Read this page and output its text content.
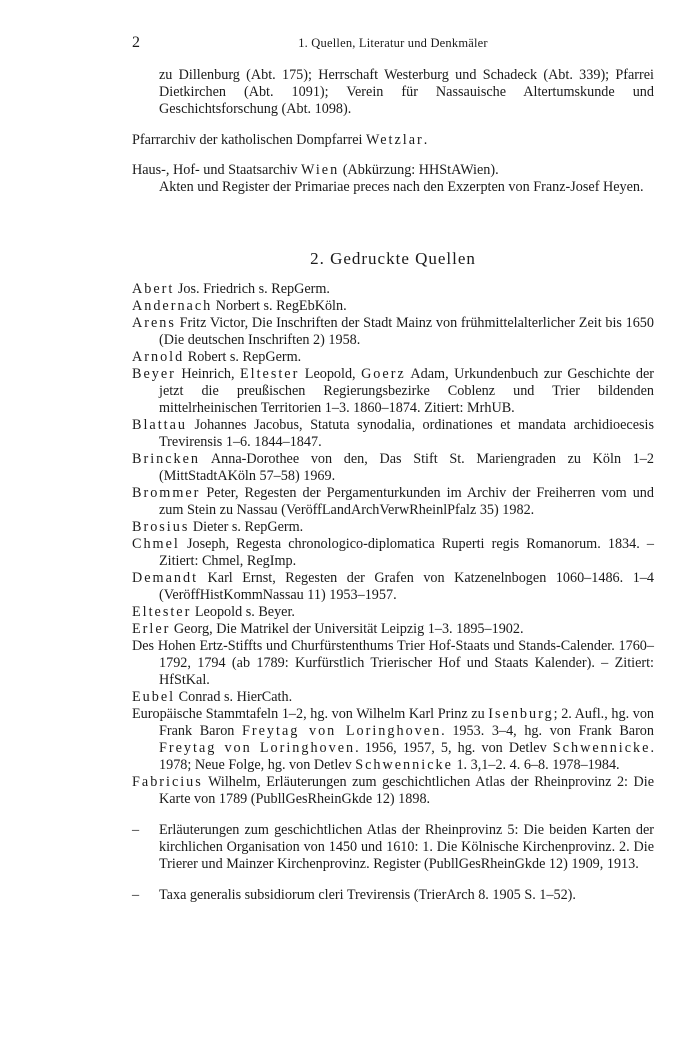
2	1. Quellen, Literatur und Denkmäler

zu Dillenburg (Abt. 175); Herrschaft Westerburg und Schadeck (Abt. 339); Pfarrei Dietkirchen (Abt. 1091); Verein für Nassauische Altertumskunde und Geschichtsforschung (Abt. 1098).

Pfarrarchiv der katholischen Dompfarrei Wetzlar.

Haus-, Hof- und Staatsarchiv Wien (Abkürzung: HHStAWien).

Akten und Register der Primariae preces nach den Exzerpten von Franz-Josef Heyen.

2. Gedruckte Quellen

Abert Jos. Friedrich s. RepGerm.

Andernach Norbert s. RegEbKöln.

Arens Fritz Victor, Die Inschriften der Stadt Mainz von frühmittelalterlicher Zeit bis 1650 (Die deutschen Inschriften 2) 1958.

Arnold Robert s. RepGerm.

Beyer Heinrich, Eltester Leopold, Goerz Adam, Urkundenbuch zur Geschichte der jetzt die preußischen Regierungsbezirke Coblenz und Trier bildenden mittelrheinischen Territorien 1–3. 1860–1874. Zitiert: MrhUB.

Blattau Johannes Jacobus, Statuta synodalia, ordinationes et mandata archidioecesis Trevirensis 1–6. 1844–1847.

Brincken Anna-Dorothee von den, Das Stift St. Mariengraden zu Köln 1–2 (MittStadtAKöln 57–58) 1969.

Brommer Peter, Regesten der Pergamenturkunden im Archiv der Freiherren vom und zum Stein zu Nassau (VeröffLandArchVerwRheinlPfalz 35) 1982.

Brosius Dieter s. RepGerm.

Chmel Joseph, Regesta chronologico-diplomatica Ruperti regis Romanorum. 1834. – Zitiert: Chmel, RegImp.

Demandt Karl Ernst, Regesten der Grafen von Katzenelnbogen 1060–1486. 1–4 (VeröffHistKommNassau 11) 1953–1957.

Eltester Leopold s. Beyer.

Erler Georg, Die Matrikel der Universität Leipzig 1–3. 1895–1902.

Des Hohen Ertz-Stiffts und Churfürstenthums Trier Hof-Staats und Stands-Calender. 1760–1792, 1794 (ab 1789: Kurfürstlich Trierischer Hof und Staats Kalender). – Zitiert: HfStKal.

Eubel Conrad s. HierCath.

Europäische Stammtafeln 1–2, hg. von Wilhelm Karl Prinz zu Isenburg; 2. Aufl., hg. von Frank Baron Freytag von Loringhoven. 1953. 3–4, hg. von Frank Baron Freytag von Loringhoven. 1956, 1957, 5, hg. von Detlev Schwennicke. 1978; Neue Folge, hg. von Detlev Schwennicke 1. 3,1–2. 4. 6–8. 1978–1984.

Fabricius Wilhelm, Erläuterungen zum geschichtlichen Atlas der Rheinprovinz 2: Die Karte von 1789 (PubllGesRheinGkde 12) 1898.

– Erläuterungen zum geschichtlichen Atlas der Rheinprovinz 5: Die beiden Karten der kirchlichen Organisation von 1450 und 1610: 1. Die Kölnische Kirchenprovinz. 2. Die Trierer und Mainzer Kirchenprovinz. Register (PubllGesRheinGkde 12) 1909, 1913.

– Taxa generalis subsidiorum cleri Trevirensis (TrierArch 8. 1905 S. 1–52).
